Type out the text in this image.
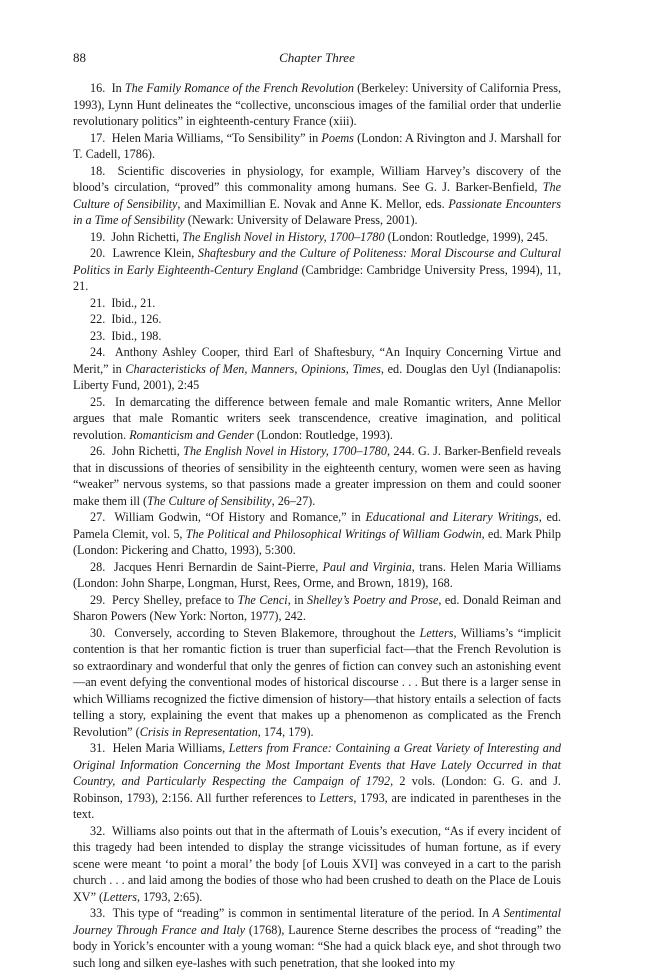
88	Chapter Three

16. In The Family Romance of the French Revolution (Berkeley: University of California Press, 1993), Lynn Hunt delineates the “collective, unconscious images of the familial order that underlie revolutionary politics” in eighteenth-century France (xiii).

17. Helen Maria Williams, “To Sensibility” in Poems (London: A Rivington and J. Marshall for T. Cadell, 1786).

18. Scientific discoveries in physiology, for example, William Harvey’s discovery of the blood’s circulation, “proved” this commonality among humans. See G. J. Barker-Benfield, The Culture of Sensibility, and Maximillian E. Novak and Anne K. Mellor, eds. Passionate Encounters in a Time of Sensibility (Newark: University of Delaware Press, 2001).

19. John Richetti, The English Novel in History, 1700–1780 (London: Routledge, 1999), 245.

20. Lawrence Klein, Shaftesbury and the Culture of Politeness: Moral Discourse and Cultural Politics in Early Eighteenth-Century England (Cambridge: Cambridge University Press, 1994), 11, 21.

21. Ibid., 21.

22. Ibid., 126.

23. Ibid., 198.

24. Anthony Ashley Cooper, third Earl of Shaftesbury, “An Inquiry Concerning Virtue and Merit,” in Characteristicks of Men, Manners, Opinions, Times, ed. Douglas den Uyl (Indianapolis: Liberty Fund, 2001), 2:45

25. In demarcating the difference between female and male Romantic writers, Anne Mellor argues that male Romantic writers seek transcendence, creative imagination, and political revolution. Romanticism and Gender (London: Routledge, 1993).

26. John Richetti, The English Novel in History, 1700–1780, 244. G. J. Barker-Benfield reveals that in discussions of theories of sensibility in the eighteenth century, women were seen as having “weaker” nervous systems, so that passions made a greater impression on them and could sooner make them ill (The Culture of Sensibility, 26–27).

27. William Godwin, “Of History and Romance,” in Educational and Literary Writings, ed. Pamela Clemit, vol. 5, The Political and Philosophical Writings of William Godwin, ed. Mark Philp (London: Pickering and Chatto, 1993), 5:300.

28. Jacques Henri Bernardin de Saint-Pierre, Paul and Virginia, trans. Helen Maria Williams (London: John Sharpe, Longman, Hurst, Rees, Orme, and Brown, 1819), 168.

29. Percy Shelley, preface to The Cenci, in Shelley’s Poetry and Prose, ed. Donald Reiman and Sharon Powers (New York: Norton, 1977), 242.

30. Conversely, according to Steven Blakemore, throughout the Letters, Williams’s “implicit contention is that her romantic fiction is truer than superficial fact—that the French Revolution is so extraordinary and wonderful that only the genres of fiction can convey such an astonishing event—an event defying the conventional modes of historical discourse . . . But there is a larger sense in which Williams recognized the fictive dimension of history—that history entails a selection of facts telling a story, explaining the event that makes up a phenomenon as complicated as the French Revolution” (Crisis in Representation, 174, 179).

31. Helen Maria Williams, Letters from France: Containing a Great Variety of Interesting and Original Information Concerning the Most Important Events that Have Lately Occurred in that Country, and Particularly Respecting the Campaign of 1792, 2 vols. (London: G. G. and J. Robinson, 1793), 2:156. All further references to Letters, 1793, are indicated in parentheses in the text.

32. Williams also points out that in the aftermath of Louis’s execution, “As if every incident of this tragedy had been intended to display the strange vicissitudes of human fortune, as if every scene were meant ‘to point a moral’ the body [of Louis XVI] was conveyed in a cart to the parish church . . . and laid among the bodies of those who had been crushed to death on the Place de Louis XV” (Letters, 1793, 2:65).

33. This type of “reading” is common in sentimental literature of the period. In A Sentimental Journey Through France and Italy (1768), Laurence Sterne describes the process of “reading” the body in Yorick’s encounter with a young woman: “She had a quick black eye, and shot through two such long and silken eye-lashes with such penetration, that she looked into my
